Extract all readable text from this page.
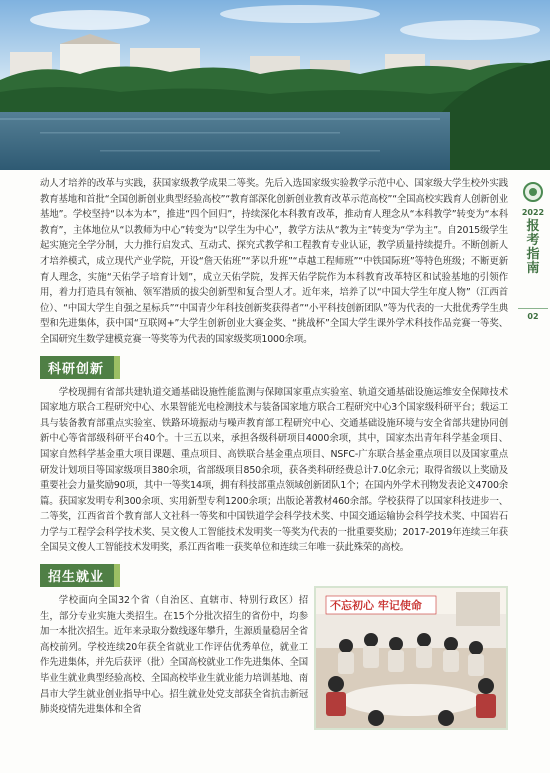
2022
报考指南
02

动人才培养的改革与实践，获国家级教学成果二等奖。先后入选国家级实验教学示范中心、国家级大学生校外实践教育基地和首批“全国创新创业典型经验高校”“教育部深化创新创业教育改革示范高校”“全国高校实践育人创新创业基地”。学校坚持“以本为本”，推进“四个回归”，持续深化本科教育改革，推动育人理念从“本科教学”转变为“本科教育”，主体地位从“以教师为中心”转变为“以学生为中心”，教学方法从“教为主”转变为“学为主”。自2015级学生起实施完全学分制，大力推行启发式、互动式、探究式教学和工程教育专业认证，教学质量持续提升。不断创新人才培养模式，成立现代产业学院，开设“詹天佑班”“茅以升班”“卓越工程师班”“中铁国际班”等特色班级；不断更新育人理念，实施“天佑学子培育计划”，成立天佑学院，发挥天佑学院作为本科教育改革特区和试验基地的引领作用，着力打造具有领袖、领军潜质的拔尖创新型和复合型人才。近年来，培养了以“中国大学生年度人物”（江西首位）、“中国大学生自强之星标兵”“中国青少年科技创新奖获得者”“小平科技创新团队”等为代表的一大批优秀学生典型和先进集体，获中国“互联网+”大学生创新创业大赛金奖、“挑战杯”全国大学生课外学术科技作品竞赛一等奖、全国研究生数学建模竞赛一等奖等为代表的国家级奖项1000余项。

科研创新

学校现拥有省部共建轨道交通基础设施性能监测与保障国家重点实验室、轨道交通基础设施运维安全保障技术国家地方联合工程研究中心、水果智能光电检测技术与装备国家地方联合工程研究中心3个国家级科研平台；载运工具与装备教育部重点实验室、铁路环境振动与噪声教育部工程研究中心、交通基础设施环境与安全省部共建协同创新中心等省部级科研平台40个。十三五以来，承担各级科研项目4000余项，其中，国家杰出青年科学基金项目、国家自然科学基金重大项目课题、重点项目、高铁联合基金重点项目、NSFC-广东联合基金重点项目以及国家重点研发计划项目等国家级项目380余项，省部级项目850余项，获各类科研经费总计7.0亿余元；取得省级以上奖励及重要社会力量奖励90项，其中一等奖14项，拥有科技部重点领域创新团队1个；在国内外学术刊物发表论文4700余篇。获国家发明专利300余项、实用新型专利1200余项；出版论著教材460余部。学校获得了以国家科技进步一、二等奖，江西省首个教育部人文社科一等奖和中国铁道学会科学技术奖、中国交通运输协会科学技术奖、中国岩石力学与工程学会科学技术奖、吴文俊人工智能技术发明奖一等奖为代表的一批重要奖励；2017-2019年连续三年获全国吴文俊人工智能技术发明奖，系江西省唯一获奖单位和连续三年唯一获此殊荣的高校。

招生就业

学校面向全国32个省（自治区、直辖市、特别行政区）招生，部分专业实施大类招生。在15个分批次招生的省份中，均参加一本批次招生。近年来录取分数线逐年攀升，生源质量稳居全省高校前列。学校连续20年获全省就业工作评估优秀单位，就业工作先进集体，并先后获评（批）全国高校就业工作先进集体、全国毕业生就业典型经验高校、全国高校毕业生就业能力培训基地、南昌市大学生就业创业指导中心。招生就业处党支部获全省抗击新冠肺炎疫情先进集体和全省

不忘初心 牢记使命
